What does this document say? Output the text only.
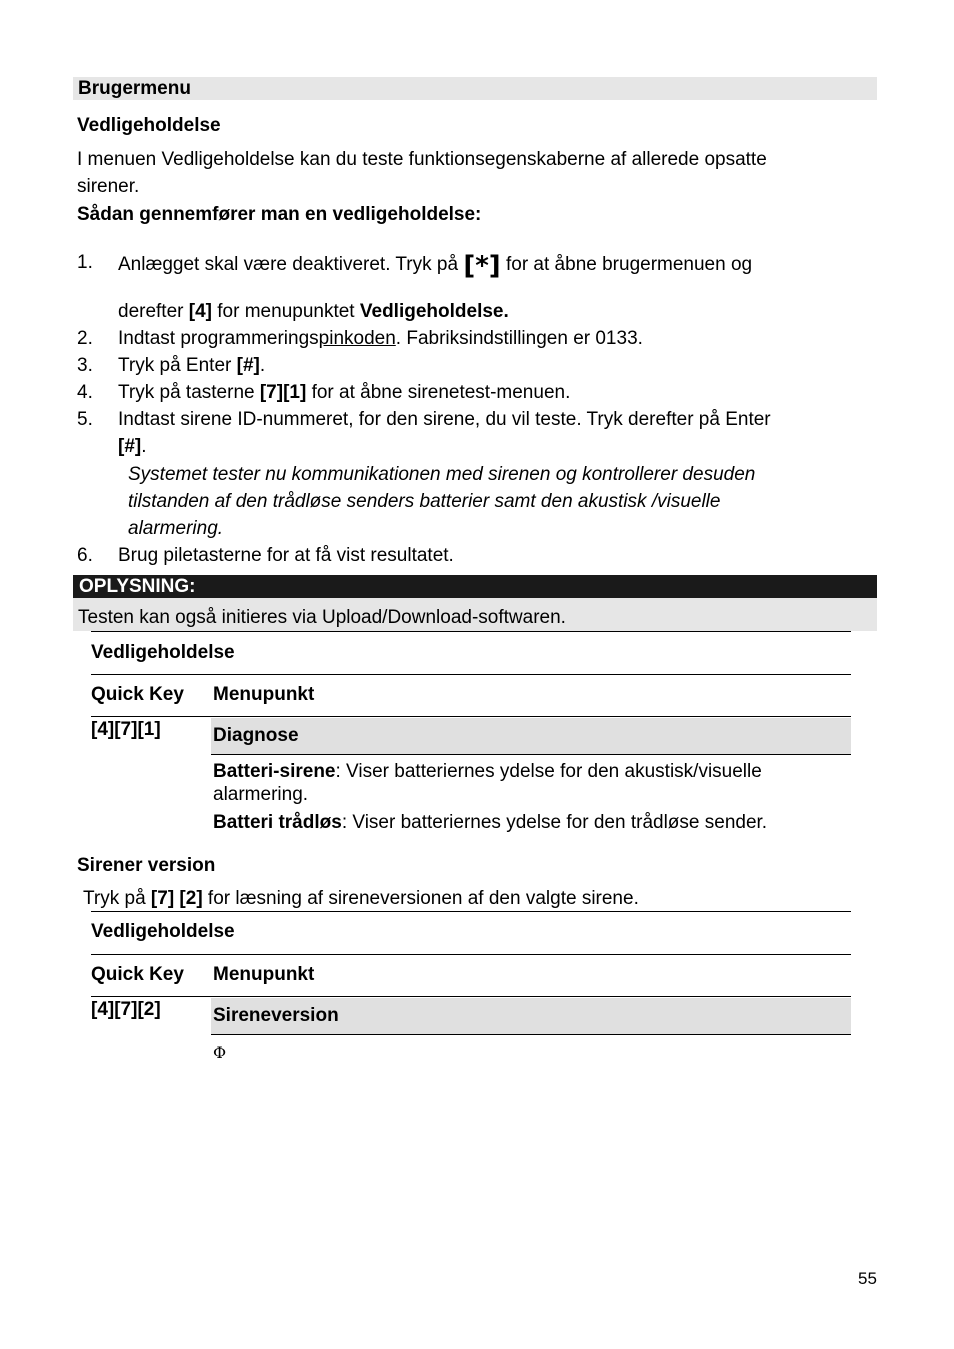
Brugermenu
Vedligeholdelse
I menuen Vedligeholdelse kan du teste funktionsegenskaberne af allerede opsatte
sirener.
Sådan gennemfører man en vedligeholdelse:
1. Anlægget skal være deaktiveret. Tryk på [*] for at åbne brugermenuen og
derefter [4] for menupunktet Vedligeholdelse.
2. Indtast programmeringspinkoden. Fabriksindstillingen er 0133.
3. Tryk på Enter [#].
4. Tryk på tasterne [7][1] for at åbne sirenetest-menuen.
5. Indtast sirene ID-nummeret, for den sirene, du vil teste. Tryk derefter på Enter
[#].
Systemet tester nu kommunikationen med sirenen og kontrollerer desuden
tilstanden af den trådløse senders batterier samt den akustisk /visuelle
alarmering.
6. Brug piletasterne for at få vist resultatet.
OPLYSNING:
Testen kan også initieres via Upload/Download-softwaren.
Vedligeholdelse
Quick Key Menupunkt
[4][7][1]	Diagnose
Batteri-sirene: Viser batteriernes ydelse for den akustisk/visuelle
alarmering.
Batteri trådløs: Viser batteriernes ydelse for den trådløse sender.
Sirener version
Tryk på [7] [2] for læsning af sireneversionen af den valgte sirene.
Vedligeholdelse
Quick Key Menupunkt
[4][7][2]	Sireneversion
Φ
55
